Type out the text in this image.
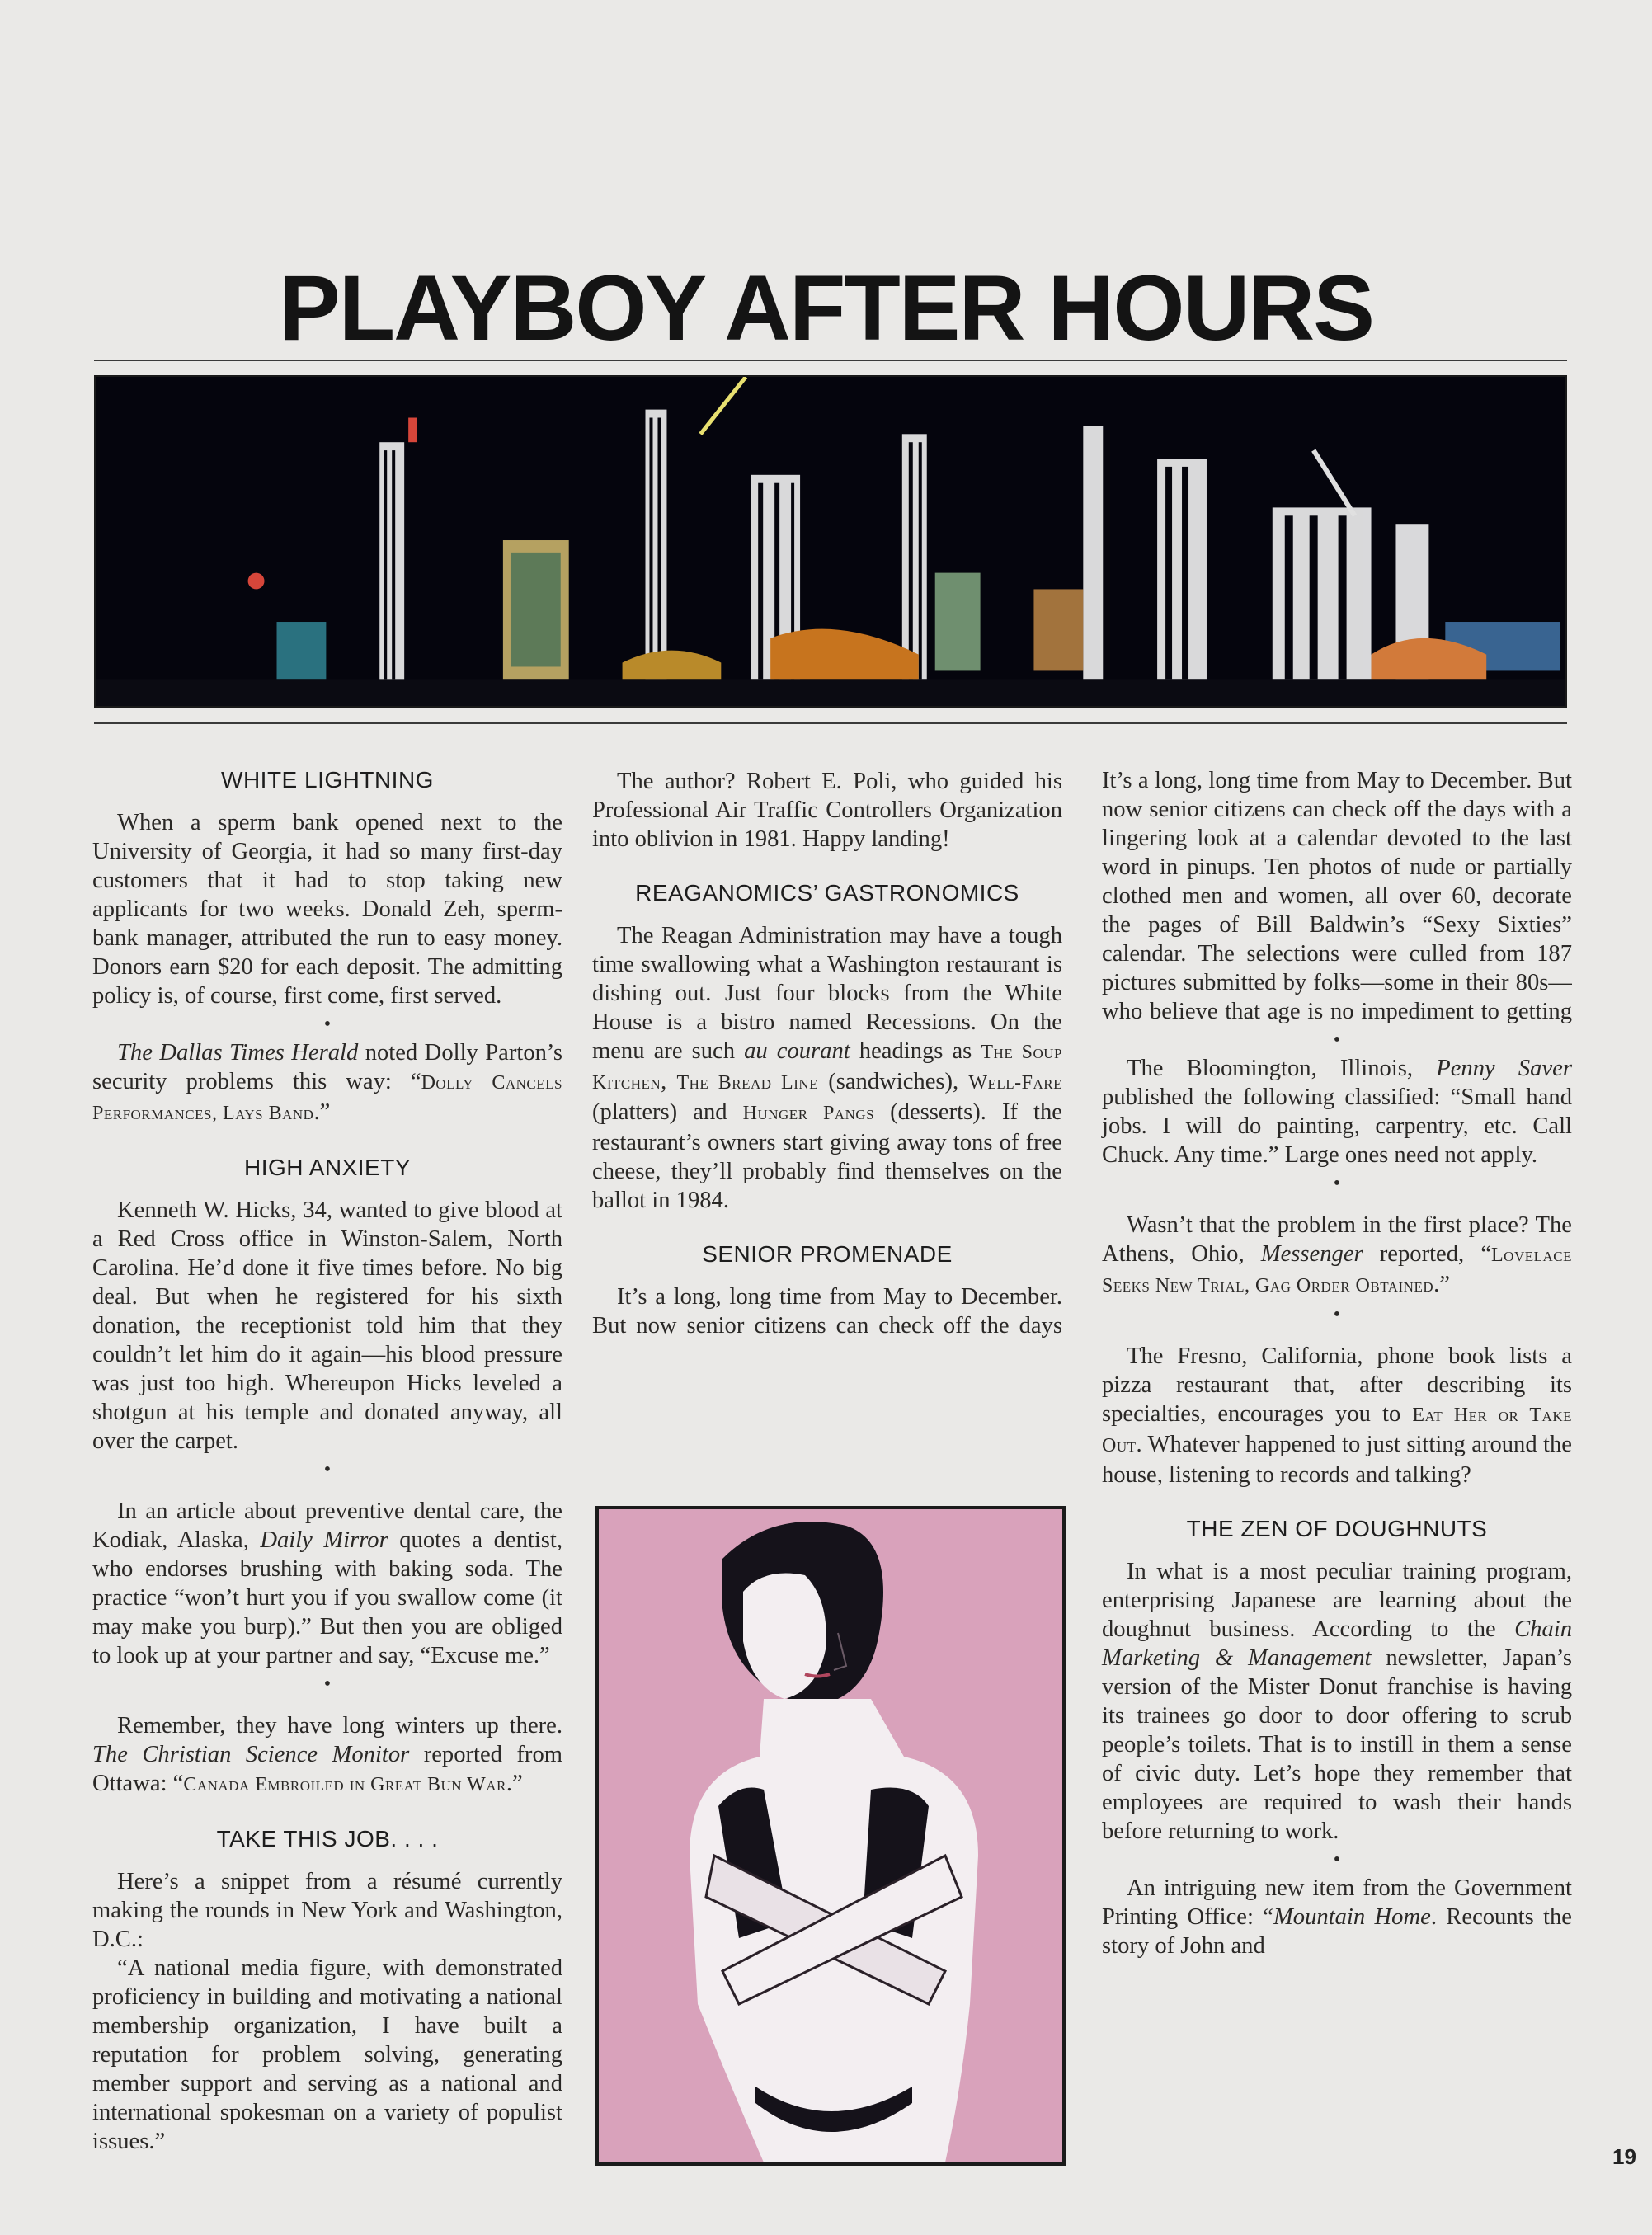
PLAYBOY AFTER HOURS
WHITE LIGHTNING

When a sperm bank opened next to the University of Georgia, it had so many first-day customers that it had to stop taking new applicants for two weeks. Donald Zeh, sperm-bank manager, attributed the run to easy money. Donors earn $20 for each deposit. The admitting policy is, of course, first come, first served.

•

The Dallas Times Herald noted Dolly Parton’s security problems this way: “Dolly Cancels Performances, Lays Band.”

HIGH ANXIETY

Kenneth W. Hicks, 34, wanted to give blood at a Red Cross office in Winston-Salem, North Carolina. He’d done it five times before. No big deal. But when he registered for his sixth donation, the receptionist told him that they couldn’t let him do it again—his blood pressure was just too high. Whereupon Hicks leveled a shotgun at his temple and donated anyway, all over the carpet.

•

In an article about preventive dental care, the Kodiak, Alaska, Daily Mirror quotes a dentist, who endorses brushing with baking soda. The practice “won’t hurt you if you swallow come (it may make you burp).” But then you are obliged to look up at your partner and say, “Excuse me.”

•

Remember, they have long winters up there. The Christian Science Monitor reported from Ottawa: “Canada Embroiled in Great Bun War.”

TAKE THIS JOB. . . .

Here’s a snippet from a résumé currently making the rounds in New York and Washington, D.C.:

“A national media figure, with demonstrated proficiency in building and motivating a national membership organization, I have built a reputation for problem solving, generating member support and serving as a national and international spokesman on a variety of populist issues.”

The author? Robert E. Poli, who guided his Professional Air Traffic Controllers Organization into oblivion in 1981. Happy landing!

REAGANOMICS’ GASTRONOMICS

The Reagan Administration may have a tough time swallowing what a Washington restaurant is dishing out. Just four blocks from the White House is a bistro named Recessions. On the menu are such au courant headings as The Soup Kitchen, The Bread Line (sandwiches), Well-Fare (platters) and Hunger Pangs (desserts). If the restaurant’s owners start giving away tons of free cheese, they’ll probably find themselves on the ballot in 1984.

SENIOR PROMENADE

It’s a long, long time from May to December. But now senior citizens can check off the days

It’s a long, long time from May to December. But now senior citizens can check off the days with a lingering look at a calendar devoted to the last word in pinups. Ten photos of nude or partially clothed men and women, all over 60, decorate the pages of Bill Baldwin’s “Sexy Sixties” calendar. The selections were culled from 187 pictures submitted by folks—some in their 80s—who believe that age is no impediment to getting

•

The Bloomington, Illinois, Penny Saver published the following classified: “Small hand jobs. I will do painting, carpentry, etc. Call Chuck. Any time.” Large ones need not apply.

•

Wasn’t that the problem in the first place? The Athens, Ohio, Messenger reported, “Lovelace Seeks New Trial, Gag Order Obtained.”

•

The Fresno, California, phone book lists a pizza restaurant that, after describing its specialties, encourages you to Eat Her or Take Out. Whatever happened to just sitting around the house, listening to records and talking?

THE ZEN OF DOUGHNUTS

In what is a most peculiar training program, enterprising Japanese are learning about the doughnut business. According to the Chain Marketing & Management newsletter, Japan’s version of the Mister Donut franchise is having its trainees go door to door offering to scrub people’s toilets. That is to instill in them a sense of civic duty. Let’s hope they remember that employees are required to wash their hands before returning to work.

•

An intriguing new item from the Government Printing Office: “Mountain Home. Recounts the story of John and

19
